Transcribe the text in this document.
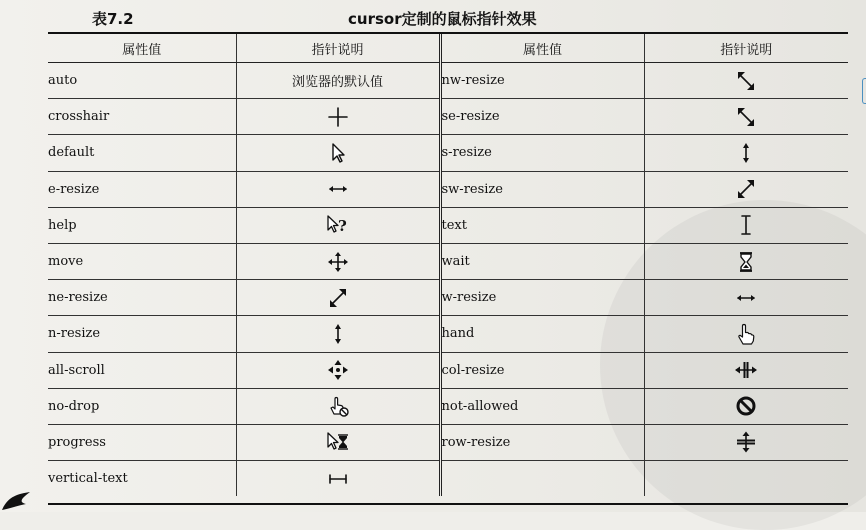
表7.2	cursor定制的鼠标指针效果
属性值	指针说明	属性值	指针说明
auto	浏览器的默认值	nw-resize	

crosshair		se-resize	

default		s-resize	

e-resize		sw-resize	

help	?	text	

move		wait	

ne-resize		w-resize	

n-resize		hand	

all-scroll		col-resize	

no-drop		not-allowed	

progress		row-resize	

vertical-text	
